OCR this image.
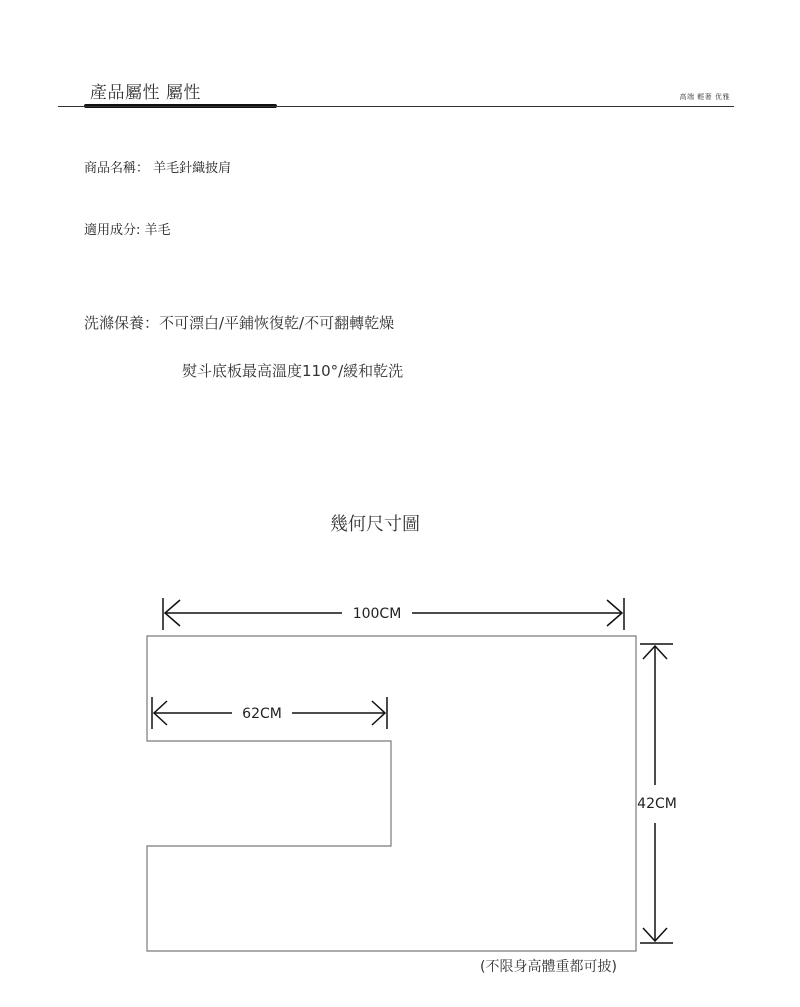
產品屬性 屬性	高端 輕奢 优雅
商品名稱： 羊毛針織披肩
適用成分: 羊毛
洗滌保養：不可漂白/平鋪恢復乾/不可翻轉乾燥
熨斗底板最高溫度110°/緩和乾洗
幾何尺寸圖
100CM
62CM
42CM
(不限身高體重都可披)
